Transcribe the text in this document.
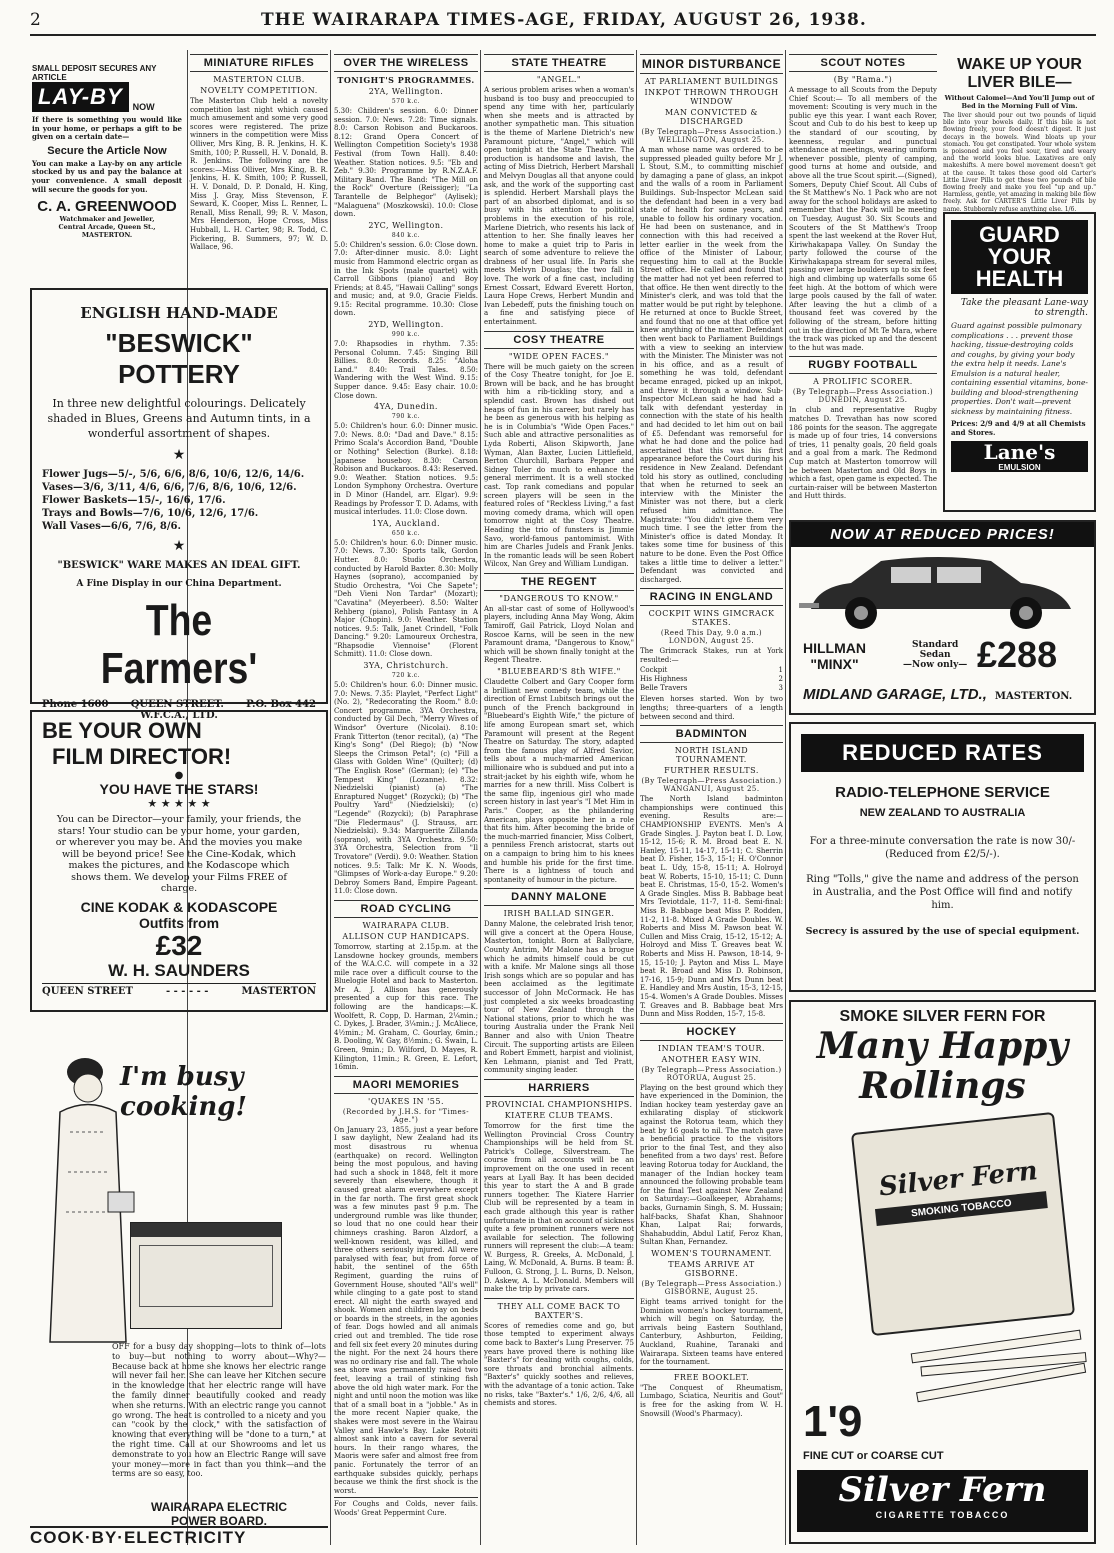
2	THE WAIRARAPA TIMES-AGE, FRIDAY, AUGUST 26, 1938.
SMALL DEPOSIT SECURES ANY ARTICLE
LAY-BY	NOW

If there is something you would like in your home, or perhaps a gift to be given on a certain date—

Secure the Article Now

You can make a Lay-by on any article stocked by us and pay the balance at your convenience. A small deposit will secure the goods for you.

C. A. GREENWOOD
Watchmaker and Jeweller,
Central Arcade, Queen St.,
MASTERTON.
ENGLISH HAND-MADE
"BESWICK" POTTERY
In three new delightful colourings. Delicately shaded in Blues, Greens and Autumn tints, in a wonderful assortment of shapes.
★
Flower Jugs—5/-, 5/6, 6/6, 8/6, 10/6, 12/6, 14/6.
Vases—3/6, 3/11, 4/6, 6/6, 7/6, 8/6, 10/6, 12/6.
Flower Baskets—15/-, 16/6, 17/6.
Trays and Bowls—7/6, 10/6, 12/6, 17/6.
Wall Vases—6/6, 7/6, 8/6.
★
"BESWICK" WARE MAKES AN IDEAL GIFT.
A Fine Display in our China Department.
The Farmers'
Phone 1600 QUEEN STREET. P.O. Box 442
W.F.C.A., LTD.
BE YOUR OWN
FILM DIRECTOR!
●
YOU HAVE THE STARS!
★ ★ ★ ★ ★
You can be Director—your family, your friends, the stars! Your studio can be your home, your garden, or wherever you may be. And the movies you make will be beyond price! See the Cine-Kodak, which makes the pictures, and the Kodascope which shows them. We develop your Films FREE of charge.
CINE KODAK & KODASCOPE
Outfits from
£32
W. H. SAUNDERS
QUEEN STREET	- - - - - -	MASTERTON
I'm busy cooking!
OFF for a busy day shopping—lots to think of—lots to buy—but nothing to worry about—Why?—Because back at home she knows her electric range will never fail her. She can leave her Kitchen secure in the knowledge that her electric range will have the family dinner beautifully cooked and ready when she returns. With an electric range you cannot go wrong. The heat is controlled to a nicety and you can "cook by the clock," with the satisfaction of knowing that everything will be "done to a turn," at the right time. Call at our Showrooms and let us demonstrate to you how an Electric Range will save your money—more in fact than you think—and the terms are so easy, too.
WAIRARAPA ELECTRIC
POWER BOARD.
COOK·BY·ELECTRICITY
MINIATURE RIFLES
MASTERTON CLUB.
NOVELTY COMPETITION.

The Masterton Club held a novelty competition last night which caused much amusement and some very good scores were registered. The prize winners in the competition were Miss Olliver, Mrs King, B. R. Jenkins, H. K. Smith, 100; P. Russell, H. V. Donald, B. R. Jenkins. The following are the scores:—Miss Olliver, Mrs King, B. R. Jenkins, H. K. Smith, 100; P. Russell, H. V. Donald, D. P. Donald, H. King, Miss J. Gray, Miss Stevenson, F. Seward, K. Cooper, Miss L. Renner, L. Renall, Miss Renall, 99; R. V. Mason, Mrs Henderson, Hope Cross, Miss Hubball, L. H. Carter, 98; R. Todd, C. Pickering, B. Summers, 97; W. D. Wallace, 96.

OVER THE WIRELESS
TONIGHT'S PROGRAMMES.
2YA, Wellington.
570 k.c.

5.30: Children's session. 6.0: Dinner session. 7.0: News. 7.28: Time signals. 8.0: Carson Robison and Buckaroos. 8.12: Grand Opera Concert of Wellington Competition Society's 1938 Festival (from Town Hall). 8.40: Weather. Station notices. 9.5: "Eb and Zeb." 9.30: Programme by R.N.Z.A.F. Military Band. The Band: "The Mill on the Rock" Overture (Reissiger); "La Tarantelle de Belphegor" (Aylisek); "Malaguena" (Moszkowski). 10.0: Close down.

2YC, Wellington.
840 k.c.

5.0: Children's session. 6.0: Close down. 7.0: After-dinner music. 8.0: Light music from Hammond electric organ as in the Ink Spots (male quartet) with Carroll Gibbons (piano) and Boy Friends; at 8.45, "Hawaii Calling" songs and music; and, at 9.0, Gracie Fields. 9.15: Recital programme. 10.30: Close down.

2YD, Wellington.
990 k.c.

7.0: Rhapsodies in rhythm. 7.35: Personal Column. 7.45: Singing Bill Billies. 8.0: Records. 8.25: "Aloha Land." 8.40: Trail Tales. 8.50: Wandering with the West Wind. 9.15: Supper dance. 9.45: Easy chair. 10.0: Close down.

4YA, Dunedin.
790 k.c.

5.0: Children's hour. 6.0: Dinner music. 7.0: News. 8.0: "Dad and Dave." 8.15: Primo Scala's Accordion Band, "Double or Nothing" Selection (Burke). 8.18: Japanese houseboy. 8.30: Carson Robison and Buckaroos. 8.43: Reserved. 9.0: Weather. Station notices. 9.5: London Symphony Orchestra. Overture in D Minor (Handel, arr. Elgar). 9.9: Readings by Professor T. D. Adams, with musical interludes. 11.0: Close down.

1YA, Auckland.
650 k.c.

5.0: Children's hour. 6.0: Dinner music. 7.0: News. 7.30: Sports talk, Gordon Hutter. 8.0: Studio Orchestra, conducted by Harold Baxter. 8.30: Molly Haynes (soprano), accompanied by Studio Orchestra, "Voi Che Sapete"; "Deh Vieni Non Tardar" (Mozart); "Cavatina" (Meyerbeer). 8.50: Walter Rehberg (piano), Polish Fantasy in A Major (Chopin). 9.0: Weather. Station notices. 9.5: Talk, Janet Crindell, "Folk Dancing." 9.20: Lamoureux Orchestra, "Rhapsodie Viennoise" (Florent Schmitt). 11.0: Close down.

3YA, Christchurch.
720 k.c.

5.0: Children's hour. 6.0: Dinner music. 7.0: News. 7.35: Playlet, "Perfect Light" (No. 2), "Redecorating the Room." 8.0: Concert programme. 3YA Orchestra, conducted by Gil Dech, "Merry Wives of Windsor" Overture (Nicolai). 8.10: Frank Titterton (tenor recital), (a) "The King's Song" (Del Riego); (b) "Now Sleeps the Crimson Petal"; (c) "Fill a Glass with Golden Wine" (Quilter); (d) "The English Rose" (German); (e) "The Tempest King" (Lozanne). 8.32: Niedzielski (pianist) (a) "The Enraptured Nugget" (Rozycki); (b) "The Poultry Yard" (Niedzielski); (c) "Legende" (Rozycki); (b) Paraphrase "Die Fledermaus" (J. Strauss, arr. Niedzielski). 9.34: Marguerite Zillanda (soprano), with 3YA Orchestra. 9.50: 3YA Orchestra, Selection from "Il Trovatore" (Verdi). 9.0: Weather. Station notices. 9.5: Talk: Mr K. N. Woods, "Glimpses of Work-a-day Europe." 9.20: Debroy Somers Band, Empire Pageant. 11.0: Close down.

ROAD CYCLING
WAIRARAPA CLUB.
ALLISON CUP HANDICAPS.

Tomorrow, starting at 2.15p.m. at the Lansdowne hockey grounds, members of the W.A.C.C. will compete in a 32 mile race over a difficult course to the Bluelogie Hotel and back to Masterton. Mr A. J. Allison has generously presented a cup for this race. The following are the handicaps:—K. Woolfett, R. Copp, D. Harman, 2¼min.; C. Dykes, J. Brader, 3¼min.; J. McAliece, 4½min.; M. Graham, C. Gourlay, 6min.; B. Dooling, W. Gay, 8½min.; G. Swain, L. Green, 9min.; D. Wilford, D. Mayes, R. Kilington, 11min.; R. Green, E. Lefort, 16min.

MAORI MEMORIES
'QUAKES IN '55.
(Recorded by J.H.S. for "Times-Age.")

On January 23, 1855, just a year before I saw daylight, New Zealand had its most disastrous ru whenua (earthquake) on record. Wellington being the most populous, and having had such a shock in 1848, felt it more severely than elsewhere, though it caused great alarm everywhere except in the far north. The first great shock was a few minutes past 9 p.m. The underground rumble was like thunder, so loud that no one could hear their chimneys crashing. Baron Alzdorf, a well-known resident, was killed, and three others seriously injured. All were paralysed with fear, but from force of habit, the sentinel of the 65th Regiment, guarding the ruins of Government House, shouted "All's well" while clinging to a gate post to stand erect. All night the earth swayed and shook. Women and children lay on beds or boards in the streets, in the agonies of fear. Dogs howled and all animals cried out and trembled. The tide rose and fell six feet every 20 minutes during the night. For the next 24 hours there was no ordinary rise and fall. The whole sea shore was permanently raised two feet, leaving a trail of stinking fish above the old high water mark. For the night and until noon the motion was like that of a small boat in a "jobble." As in the more recent Napier quake, the shakes were most severe in the Wairau Valley and Hawke's Bay. Lake Rotoiti almost sank into a cavern for several hours. In their rango whares, the Maoris were safer and almost free from panic. Fortunately the terror of an earthquake subsides quickly, perhaps because we think the first shock is the worst.

For Coughs and Colds, never fails. Woods' Great Peppermint Cure.

STATE THEATRE
"ANGEL."

A serious problem arises when a woman's husband is too busy and preoccupied to spend any time with her, particularly when she meets and is attracted by another sympathetic man. This situation is the theme of Marlene Dietrich's new Paramount picture, "Angel," which will open tonight at the State Theatre. The production is handsome and lavish, the acting of Miss Dietrich, Herbert Marshall and Melvyn Douglas all that anyone could ask, and the work of the supporting cast is splendid. Herbert Marshall plays the part of an absorbed diplomat, and is so busy with his attention to political problems in the execution of his role, Marlene Dietrich, who resents his lack of attention to her. She finally leaves her home to make a quiet trip to Paris in search of some adventure to relieve the drabness of her usual life. In Paris she meets Melvyn Douglas; the two fall in love. The work of a fine cast, including Ernest Cossart, Edward Everett Horton, Laura Hope Crews, Herbert Mundin and Ivan Lebedeff, puts the finishing touch on a fine and satisfying piece of entertainment.

COSY THEATRE
"WIDE OPEN FACES."

There will be much gaiety on the screen of the Cosy Theatre tonight, for Joe E. Brown will be back, and he has brought with him a rib-tickling story, and a splendid cast. Brown has dished out heaps of fun in his career, but rarely has he been as generous with his helping as he is in Columbia's "Wide Open Faces." Such able and attractive personalities as Lyda Roberti, Alison Skipworth, Jane Wyman, Alan Baxter, Lucien Littlefield, Berton Churchill, Barbara Pepper and Sidney Toler do much to enhance the general merriment. It is a well stocked cast. Top rank comedians and popular screen players will be seen in the featured roles of "Reckless Living," a fast moving comedy drama, which will open tomorrow night at the Cosy Theatre. Heading the trio of funsters is Jimmie Savo, world-famous pantomimist. With him are Charles Judels and Frank Jenks. In the romantic leads will be seen Robert Wilcox, Nan Grey and William Lundigan.

THE REGENT
"DANGEROUS TO KNOW."

An all-star cast of some of Hollywood's players, including Anna May Wong, Akim Tamiroff, Gail Patrick, Lloyd Nolan and Roscoe Karns, will be seen in the new Paramount drama, "Dangerous to Know," which will be shown finally tonight at the Regent Theatre.

"BLUEBEARD'S 8th WIFE."

Claudette Colbert and Gary Cooper form a brilliant new comedy team, while the direction of Ernst Lubitsch brings out the punch of the French background in "Bluebeard's Eighth Wife," the picture of life among European smart set, which Paramount will present at the Regent Theatre on Saturday. The story, adapted from the famous play of Alfred Savior, tells about a much-married American millionaire who is subdued and put into a strait-jacket by his eighth wife, whom he marries for a new thrill. Miss Colbert is the same flip, ingenious girl who made screen history in last year's "I Met Him in Paris." Cooper, as the philandering American, plays opposite her in a role that fits him. After becoming the bride of the much-married financier, Miss Colbert, a penniless French aristocrat, starts out on a campaign to bring him to his knees and humble his pride for the first time. There is a lightness of touch and spontaneity of humour in the picture.

DANNY MALONE
IRISH BALLAD SINGER.

Danny Malone, the celebrated Irish tenor, will give a concert at the Opera House, Masterton, tonight. Born at Ballyclare, County Antrim, Mr Malone has a brogue which he admits himself could be cut with a knife. Mr Malone sings all those Irish songs which are so popular and has been acclaimed as the legitimate successor of John McCormack. He has just completed a six weeks broadcasting tour of New Zealand through the National stations, prior to which he was touring Australia under the Frank Neil Banner and also with Union Theatre Circuit. The supporting artists are Eileen and Robert Emmett, harpist and violinist, Ken Lehmann, pianist and Ted Pratt, community singing leader.

HARRIERS
PROVINCIAL CHAMPIONSHIPS.
KIATERE CLUB TEAMS.

Tomorrow for the first time the Wellington Provincial Cross Country Championships will be held from St. Patrick's College, Silverstream. The course from all accounts will be an improvement on the one used in recent years at Lyall Bay. It has been decided this year to start the A and B grade runners together. The Kiatere Harrier Club will be represented by a team in each grade although this year is rather unfortunate in that on account of sickness quite a few prominent runners were not available for selection. The following runners will represent the club:—A team: W. Burgess, R. Greeks, A. McDonald, J. Laing, W. McDonald, A. Burns. B team: B. Fulloon, G. Strong, J. L. Burns, D. Nelson, D. Askew, A. L. McDonald. Members will make the trip by private cars.

THEY ALL COME BACK TO BAXTER'S.

Scores of remedies come and go, but those tempted to experiment always come back to Baxter's Lung Preserver. 75 years have proved there is nothing like "Baxter's" for dealing with coughs, colds, sore throats and bronchial ailments. "Baxter's" quickly soothes and relieves, with the advantage of a tonic action. Take no risks, take "Baxter's." 1/6, 2/6, 4/6, all chemists and stores.

MINOR DISTURBANCE
AT PARLIAMENT BUILDINGS
INKPOT THROWN THROUGH WINDOW
MAN CONVICTED & DISCHARGED
(By Telegraph—Press Association.) WELLINGTON, August 25.

A man whose name was ordered to be suppressed pleaded guilty before Mr J. L Stout, S.M., to committing mischief by damaging a pane of glass, an inkpot and the walls of a room in Parliament Buildings. Sub-Inspector McLean said the defendant had been in a very bad state of health for some years, and unable to follow his ordinary vocation. He had been on sustenance, and in connection with this had received a letter earlier in the week from the office of the Minister of Labour, requesting him to call at the Buckle Street office. He called and found that the matter had not yet been referred to that office. He then went directly to the Minister's clerk, and was told that the matter would be put right by telephone. He returned at once to Buckle Street, and found that no one at that office yet knew anything of the matter. Defendant then went back to Parliament Buildings with a view to seeking an interview with the Minister. The Minister was not in his office, and as a result of something he was told, defendant became enraged, picked up an inkpot, and threw it through a window. Sub-Inspector McLean said he had had a talk with defendant yesterday in connection with the state of his health and had decided to let him out on bail of £5. Defendant was remorseful for what he had done and the police had ascertained that this was his first appearance before the Court during his residence in New Zealand. Defendant told his story as outlined, concluding that when he returned to seek an interview with the Minister the Minister was not there, but a clerk refused him admittance. The Magistrate: "You didn't give them very much time. I see the letter from the Minister's office is dated Monday. It takes some time for business of this nature to be done. Even the Post Office takes a little time to deliver a letter." Defendant was convicted and discharged.

RACING IN ENGLAND
COCKPIT WINS GIMCRACK STAKES.
(Reed This Day, 9.0 a.m.) LONDON, August 25.

The Grimcrack Stakes, run at York resulted:—

Cockpit	1
His Highness	2
Belle Travers	3

Eleven horses started. Won by two lengths; three-quarters of a length between second and third.

BADMINTON
NORTH ISLAND TOURNAMENT.
FURTHER RESULTS.
(By Telegraph—Press Association.) WANGANUI, August 25.

The North Island badminton championships were continued this evening. Results are:— CHAMPIONSHIP EVENTS. Men's A Grade Singles. J. Payton beat I. D. Low, 15-12, 15-6; R. M. Broad beat E. N. Hanley, 15-11, 14-17, 15-11; C. Sherrin beat D. Fisher, 15-3, 15-1; H. O'Connor beat L. Udy, 15-8, 15-11; A. Holroyd beat W. Roberts, 15-10, 15-11; C. Dunn beat E. Christmas, 15-0, 15-2. Women's A Grade Singles. Miss B. Babbage beat Mrs Teviotdale, 11-7, 11-8. Semi-final: Miss B. Babbage beat Miss P. Rodden, 11-2, 11-8. Mixed A Grade Doubles. W. Roberts and Miss M. Pawson beat W. Cullen and Miss Craig, 15-12, 15-12; A. Holroyd and Miss T. Greaves beat W. Roberts and Miss H. Pawson, 18-14, 9-15, 15-10; J. Payton and Miss L. Maye beat R. Broad and Miss D. Robinson, 17-16, 15-9; Dunn and Mrs Dunn beat E. Handley and Mrs Austin, 15-3, 12-15, 15-4. Women's A Grade Doubles. Misses T. Greaves and B. Babbage beat Mrs Dunn and Miss Rodden, 15-7, 15-8.

HOCKEY
INDIAN TEAM'S TOUR.
ANOTHER EASY WIN.
(By Telegraph—Press Association.) ROTORUA, August 25.

Playing on the best ground which they have experienced in the Dominion, the Indian hockey team yesterday gave an exhilarating display of stickwork against the Rotorua team, which they beat by 16 goals to nil. The match gave a beneficial practice to the visitors prior to the final Test, and they also benefited from a two days' rest. Before leaving Rotorua today for Auckland, the manager of the Indian hockey team announced the following probable team for the final Test against New Zealand on Saturday:—Goalkeeper, Abrahams; backs, Gurnamin Singh, S. M. Hussain; half-backs, Shafat Khan, Shahnoor Khan, Lalpat Rai; forwards, Shahabuddin, Abdul Latif, Feroz Khan, Sultan Khan, Fernandez.

WOMEN'S TOURNAMENT.
TEAMS ARRIVE AT GISBORNE.
(By Telegraph—Press Association.) GISBORNE, August 25.

Eight teams arrived tonight for the Dominion women's hockey tournament, which will begin on Saturday, the arrivals being Eastern Southland, Canterbury, Ashburton, Feilding, Auckland, Ruahine, Taranaki and Wairarapa. Sixteen teams have entered for the tournament.

FREE BOOKLET.

"The Conquest of Rheumatism, Lumbago, Sciatica, Neuritis and Gout" is free for the asking from W. H. Snowsill (Wood's Pharmacy).

SCOUT NOTES
(By "Rama.")

A message to all Scouts from the Deputy Chief Scout:— To all members of the movement: Scouting is very much in the public eye this year. I want each Rover, Scout and Cub to do his best to keep up the standard of our scouting, by keenness, regular and punctual attendance at meetings, wearing uniform whenever possible, plenty of camping, good turns at home and outside, and above all the true Scout spirit.—(Signed), Somers, Deputy Chief Scout. All Cubs of the St Matthew's No. 1 Pack who are not away for the school holidays are asked to remember that the Pack will be meeting on Tuesday, August 30. Six Scouts and Scouters of the St Matthew's Troop spent the last weekend at the Rover Hut, Kiriwhakapapa Valley. On Sunday the party followed the course of the Kiriwhakapapa stream for several miles, passing over large boulders up to six feet high and climbing up waterfalls some 65 feet high. At the bottom of which were large pools caused by the fall of water. After leaving the hut a climb of a thousand feet was covered by the following of the stream, before hitting out in the direction of Mt Te Mara, where the track was picked up and the descent to the hut was made.

RUGBY FOOTBALL
A PROLIFIC SCORER.
(By Telegraph—Press Association.) DUNEDIN, August 25.

In club and representative Rugby matches D. Trevathan has now scored 186 points for the season. The aggregate is made up of four tries, 14 conversions of tries, 11 penalty goals, 20 field goals and a goal from a mark. The Redmond Cup match at Masterton tomorrow will be between Masterton and Old Boys in which a fast, open game is expected. The curtain-raiser will be between Masterton and Hutt thirds.

WAKE UP YOUR
LIVER BILE —
Without Calomel—And You'll Jump out of Bed in the Morning Full of Vim.

The liver should pour out two pounds of liquid bile into your bowels daily. If this bile is not flowing freely, your food doesn't digest. It just decays in the bowels. Wind bloats up your stomach. You get constipated. Your whole system is poisoned and you feel sour, tired and weary and the world looks blue. Laxatives are only makeshifts. A mere bowel movement doesn't get at the cause. It takes those good old Carter's Little Liver Pills to get these two pounds of bile flowing freely and make you feel "up and up." Harmless, gentle, yet amazing in making bile flow freely. Ask for CARTER'S Little Liver Pills by name. Stubbornly refuse anything else. 1/6.

GUARD
YOUR
HEALTH
Take the pleasant Lane-way to strength.
Guard against possible pulmonary complications . . . prevent those hacking, tissue-destroying colds and coughs, by giving your body the extra help it needs. Lane's Emulsion is a natural healer, containing essential vitamins, bone-building and blood-strengthening properties. Don't wait—prevent sickness by maintaining fitness.
Prices: 2/9 and 4/9 at all Chemists and Stores.
Lane's
EMULSION
NOW AT REDUCED PRICES!
HILLMAN
"MINX"
Standard
Sedan
—Now only— £288
MIDLAND GARAGE, LTD., MASTERTON.
REDUCED RATES
RADIO-TELEPHONE SERVICE
NEW ZEALAND TO AUSTRALIA
For a three-minute conversation the rate is now 30/- (Reduced from £2/5/-).
Ring "Tolls," give the name and address of the person in Australia, and the Post Office will find and notify him.
Secrecy is assured by the use of special equipment.
SMOKE SILVER FERN FOR
Many Happy
Rollings
Silver Fern
SMOKING TOBACCO
1'9
FINE CUT or COARSE CUT
Silver Fern
CIGARETTE TOBACCO
